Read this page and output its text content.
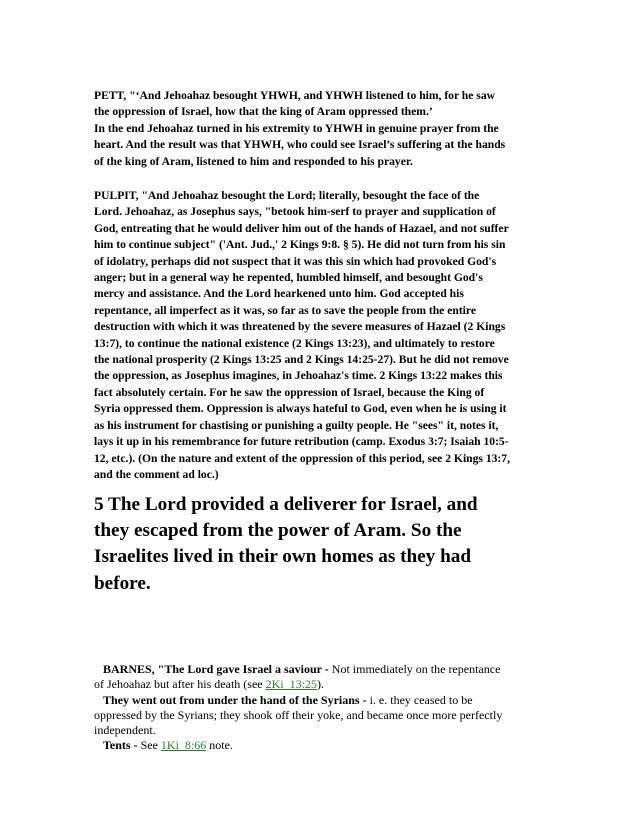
PETT, "‘And Jehoahaz besought YHWH, and YHWH listened to him, for he saw
the oppression of Israel, how that the king of Aram oppressed them.’
In the end Jehoahaz turned in his extremity to YHWH in genuine prayer from the
heart. And the result was that YHWH, who could see Israel’s suffering at the hands
of the king of Aram, listened to him and responded to his prayer.

PULPIT, "And Jehoahaz besought the Lord; literally, besought the face of the
Lord. Jehoahaz, as Josephus says, "betook him-serf to prayer and supplication of
God, entreating that he would deliver him out of the hands of Hazael, and not suffer
him to continue subject" ('Ant. Jud.,' 2 Kings 9:8. § 5). He did not turn from his sin
of idolatry, perhaps did not suspect that it was this sin which had provoked God's
anger; but in a general way he repented, humbled himself, and besought God's
mercy and assistance. And the Lord hearkened unto him. God accepted his
repentance, all imperfect as it was, so far as to save the people from the entire
destruction with which it was threatened by the severe measures of Hazael (2 Kings
13:7), to continue the national existence (2 Kings 13:23), and ultimately to restore
the national prosperity (2 Kings 13:25 and 2 Kings 14:25-27). But he did not remove
the oppression, as Josephus imagines, in Jehoahaz's time. 2 Kings 13:22 makes this
fact absolutely certain. For he saw the oppression of Israel, because the King of
Syria oppressed them. Oppression is always hateful to God, even when he is using it
as his instrument for chastising or punishing a guilty people. He "sees" it, notes it,
lays it up in his remembrance for future retribution (camp. Exodus 3:7; Isaiah 10:5-
12, etc.). (On the nature and extent of the oppression of this period, see 2 Kings 13:7,
and the comment ad loc.)

5 The Lord provided a deliverer for Israel, and
they escaped from the power of Aram. So the
Israelites lived in their own homes as they had
before.
BARNES, "The Lord gave Israel a saviour - Not immediately on the repentance
of Jehoahaz but after his death (see 2Ki_13:25).
They went out from under the hand of the Syrians - i. e. they ceased to be
oppressed by the Syrians; they shook off their yoke, and became once more perfectly
independent.
Tents - See 1Ki_8:66 note.
